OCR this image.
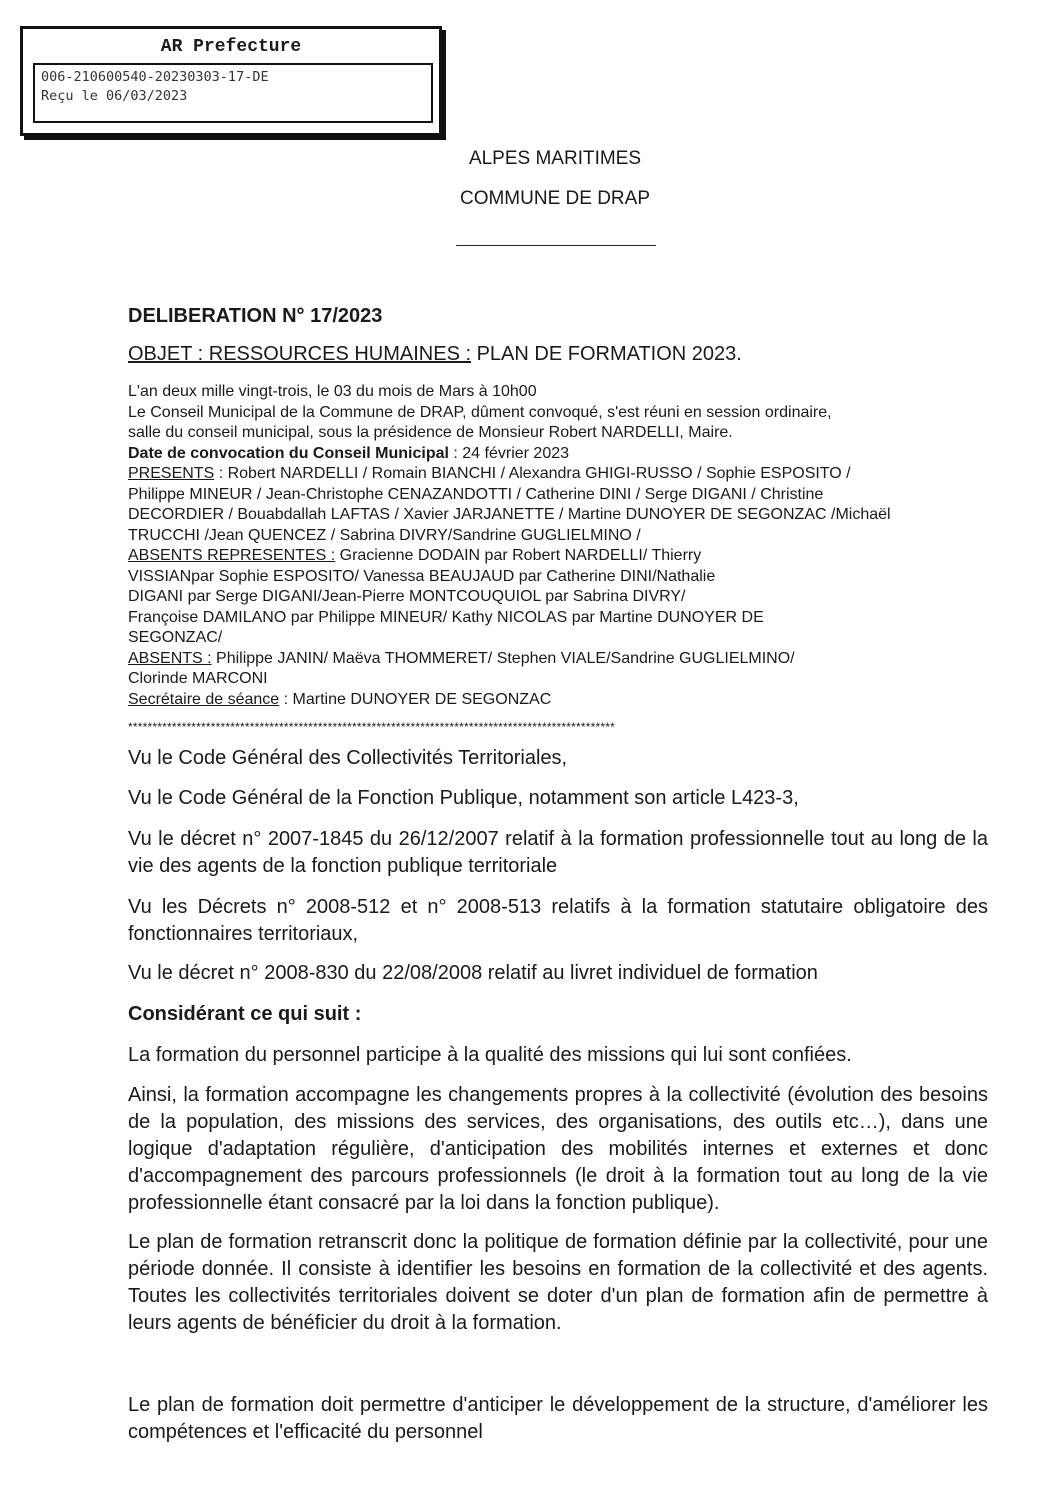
AR Prefecture
006-210600540-20230303-17-DE
Reçu le 06/03/2023
ALPES MARITIMES
COMMUNE DE DRAP
DELIBERATION N° 17/2023
OBJET : RESSOURCES HUMAINES : PLAN DE FORMATION 2023.
L'an deux mille vingt-trois, le 03 du mois de Mars à 10h00
Le Conseil Municipal de la Commune de DRAP, dûment convoqué, s'est réuni en session ordinaire,
salle du conseil municipal, sous la présidence de Monsieur Robert NARDELLI, Maire.
Date de convocation du Conseil Municipal : 24 février 2023
PRESENTS : Robert NARDELLI / Romain BIANCHI / Alexandra GHIGI-RUSSO / Sophie ESPOSITO /
Philippe MINEUR / Jean-Christophe CENAZANDOTTI / Catherine DINI / Serge DIGANI / Christine
DECORDIER / Bouabdallah LAFTAS / Xavier JARJANETTE / Martine DUNOYER DE SEGONZAC /Michaël
TRUCCHI /Jean QUENCEZ / Sabrina DIVRY/Sandrine GUGLIELMINO /
ABSENTS REPRESENTES : Gracienne DODAIN par Robert NARDELLI/ Thierry
VISSIANpar Sophie ESPOSITO/ Vanessa BEAUJAUD par Catherine DINI/Nathalie
DIGANI par Serge DIGANI/Jean-Pierre MONTCOUQUIOL par Sabrina DIVRY/
Françoise DAMILANO par Philippe MINEUR/ Kathy NICOLAS par Martine DUNOYER DE
SEGONZAC/
ABSENTS : Philippe JANIN/ Maëva THOMMERET/ Stephen VIALE/Sandrine GUGLIELMINO/
Clorinde MARCONI
Secrétaire de séance : Martine DUNOYER DE SEGONZAC
****************************************************************************************************
Vu le Code Général des Collectivités Territoriales,
Vu le Code Général de la Fonction Publique, notamment son article L423-3,
Vu le décret n° 2007-1845 du 26/12/2007 relatif à la formation professionnelle tout au long de la vie des agents de la fonction publique territoriale
Vu les Décrets n° 2008-512 et n° 2008-513 relatifs à la formation statutaire obligatoire des fonctionnaires territoriaux,
Vu le décret n° 2008-830 du 22/08/2008 relatif au livret individuel de formation
Considérant ce qui suit :
La formation du personnel participe à la qualité des missions qui lui sont confiées.
Ainsi, la formation accompagne les changements propres à la collectivité (évolution des besoins de la population, des missions des services, des organisations, des outils etc…), dans une logique d'adaptation régulière, d'anticipation des mobilités internes et externes et donc d'accompagnement des parcours professionnels (le droit à la formation tout au long de la vie professionnelle étant consacré par la loi dans la fonction publique).
Le plan de formation retranscrit donc la politique de formation définie par la collectivité, pour une période donnée. Il consiste à identifier les besoins en formation de la collectivité et des agents. Toutes les collectivités territoriales doivent se doter d'un plan de formation afin de permettre à leurs agents de bénéficier du droit à la formation.
Le plan de formation doit permettre d'anticiper le développement de la structure, d'améliorer les compétences et l'efficacité du personnel
